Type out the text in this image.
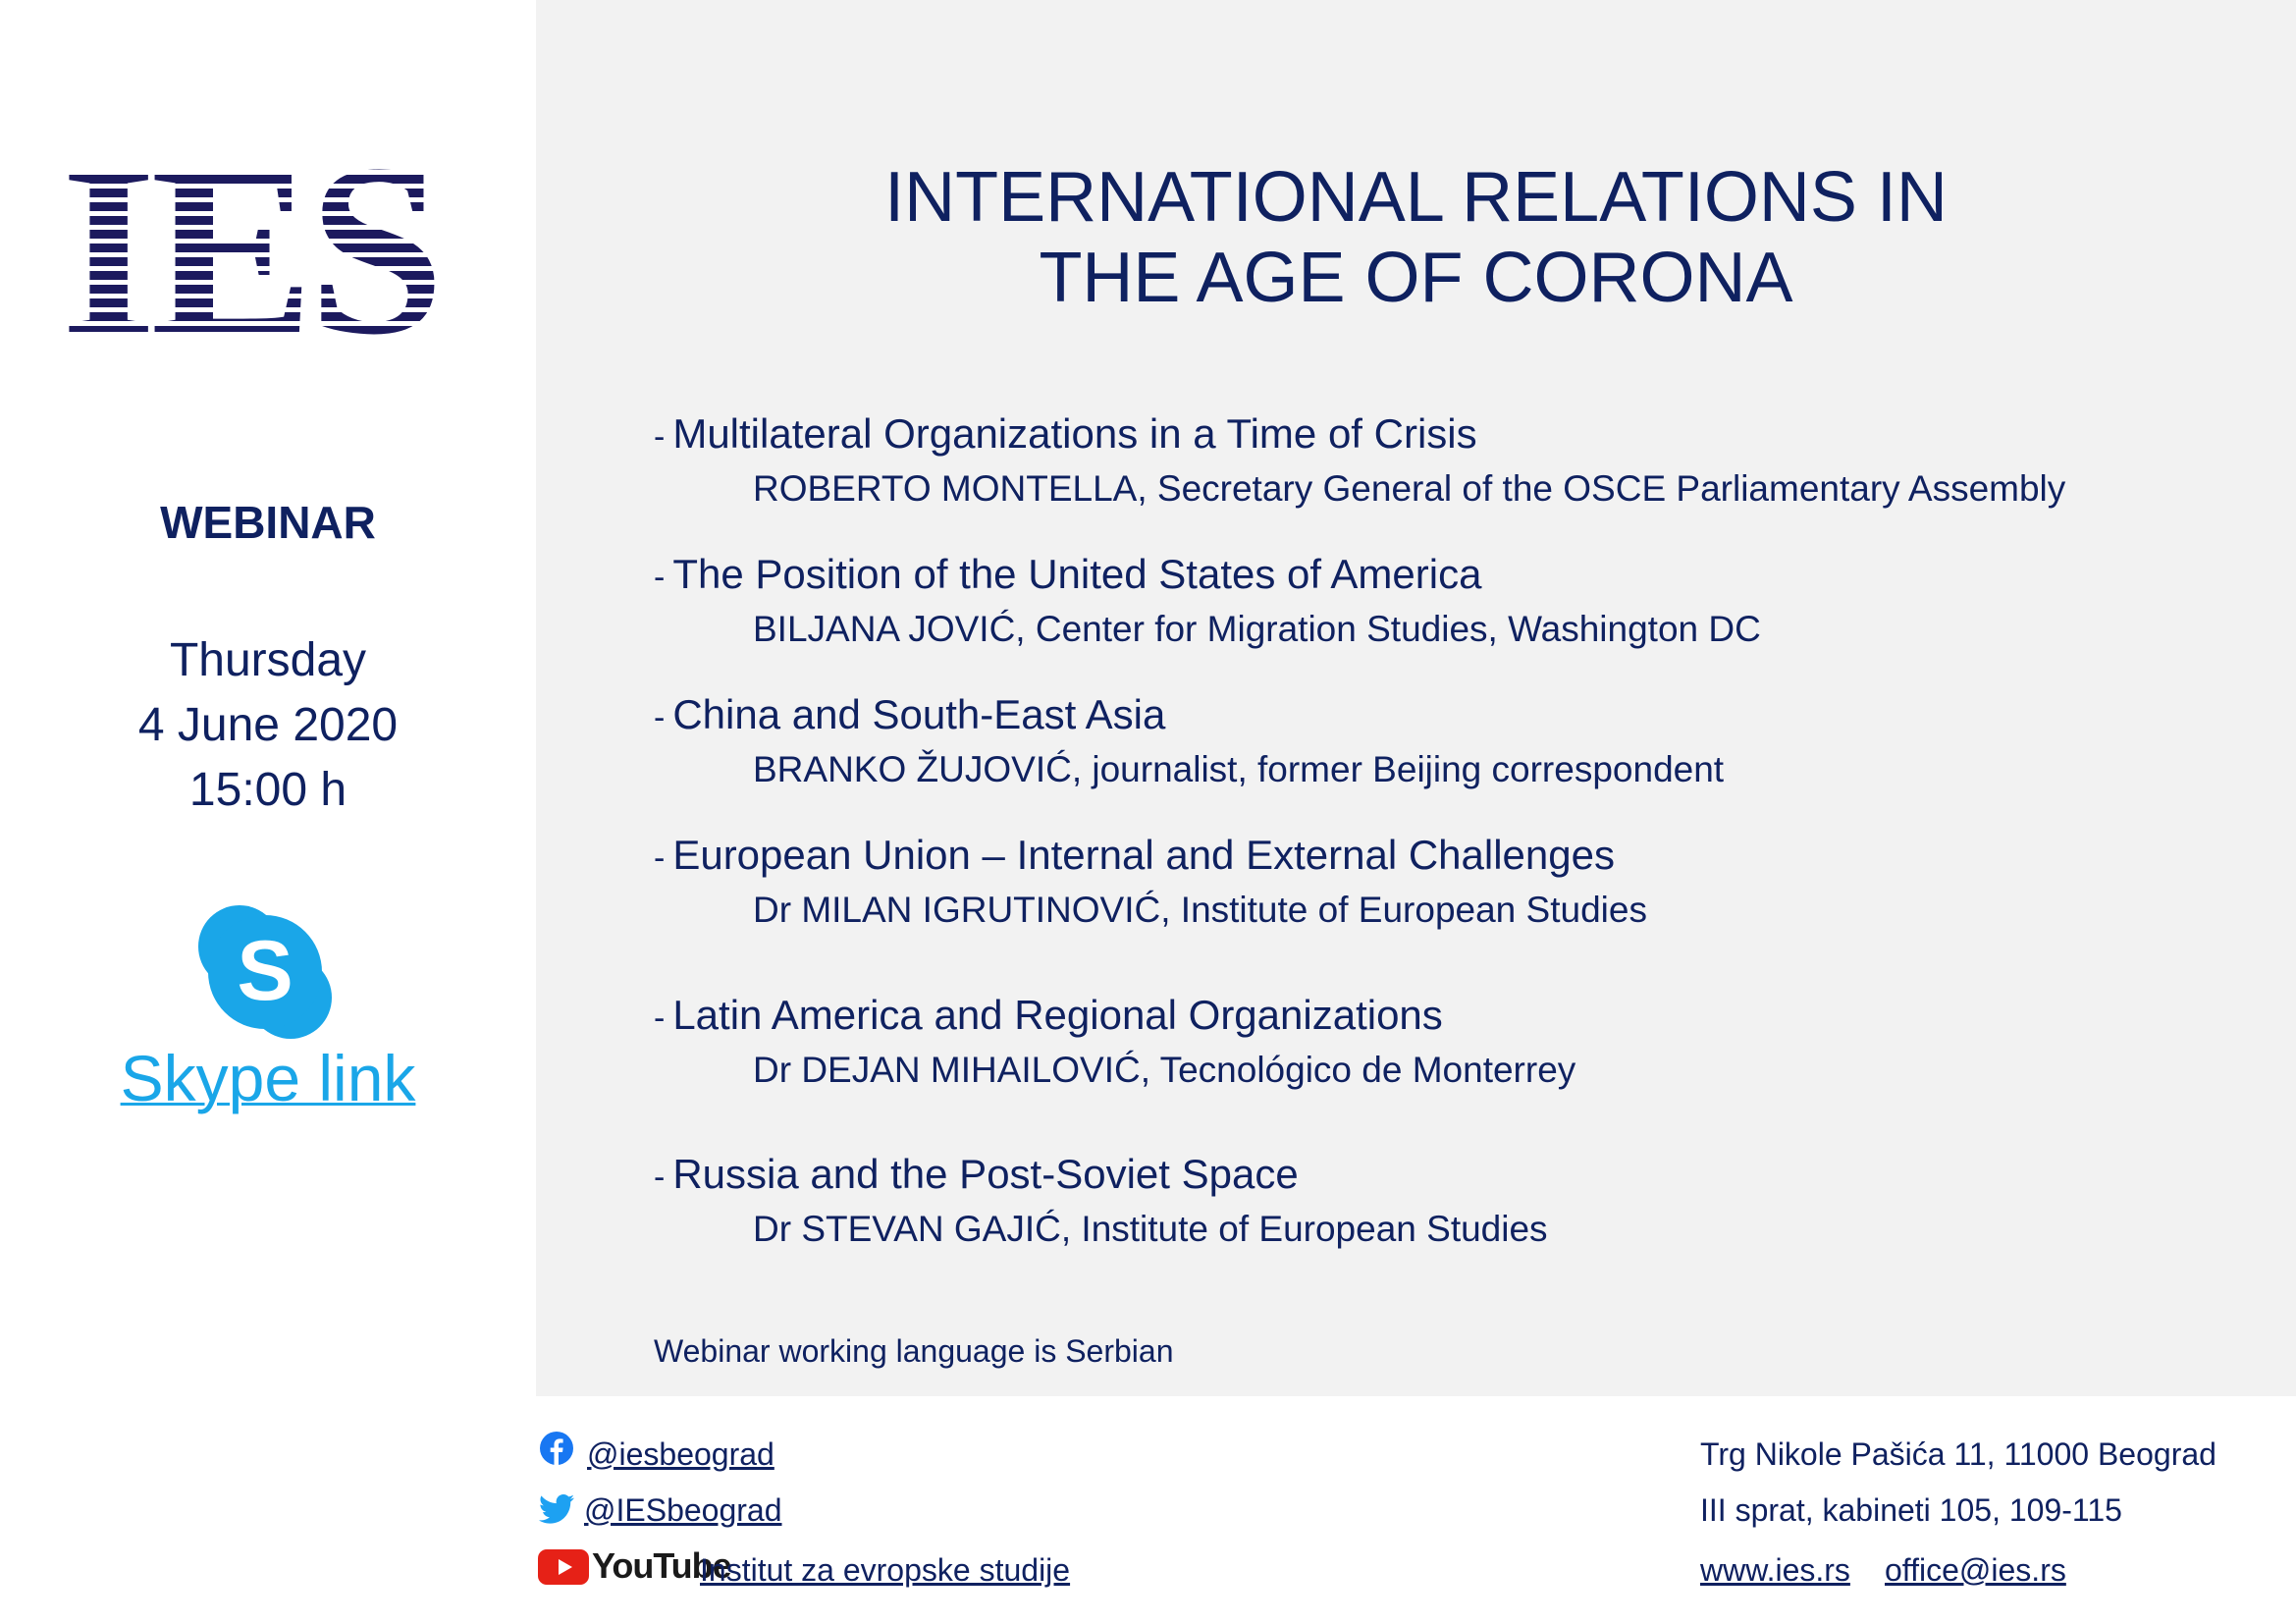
IES
WEBINAR
Thursday
4 June 2020
15:00 h
S
Skype link
INTERNATIONAL RELATIONS IN
THE AGE OF CORONA
- Multilateral Organizations in a Time of Crisis
ROBERTO MONTELLA, Secretary General of the OSCE Parliamentary Assembly
- The Position of the United States of America
BILJANA JOVIĆ, Center for Migration Studies, Washington DC
- China and South-East Asia
BRANKO ŽUJOVIĆ, journalist, former Beijing correspondent
- European Union – Internal and External Challenges
Dr MILAN IGRUTINOVIĆ, Institute of European Studies
- Latin America and Regional Organizations
Dr DEJAN MIHAILOVIĆ, Tecnológico de Monterrey
- Russia and the Post-Soviet Space
Dr STEVAN GAJIĆ, Institute of European Studies
Webinar working language is Serbian
@iesbeograd
@IESbeograd
YouTube
Institut za evropske studije
Trg Nikole Pašića 11, 11000 Beograd
III sprat, kabineti 105, 109-115
www.ies.rs office@ies.rs
